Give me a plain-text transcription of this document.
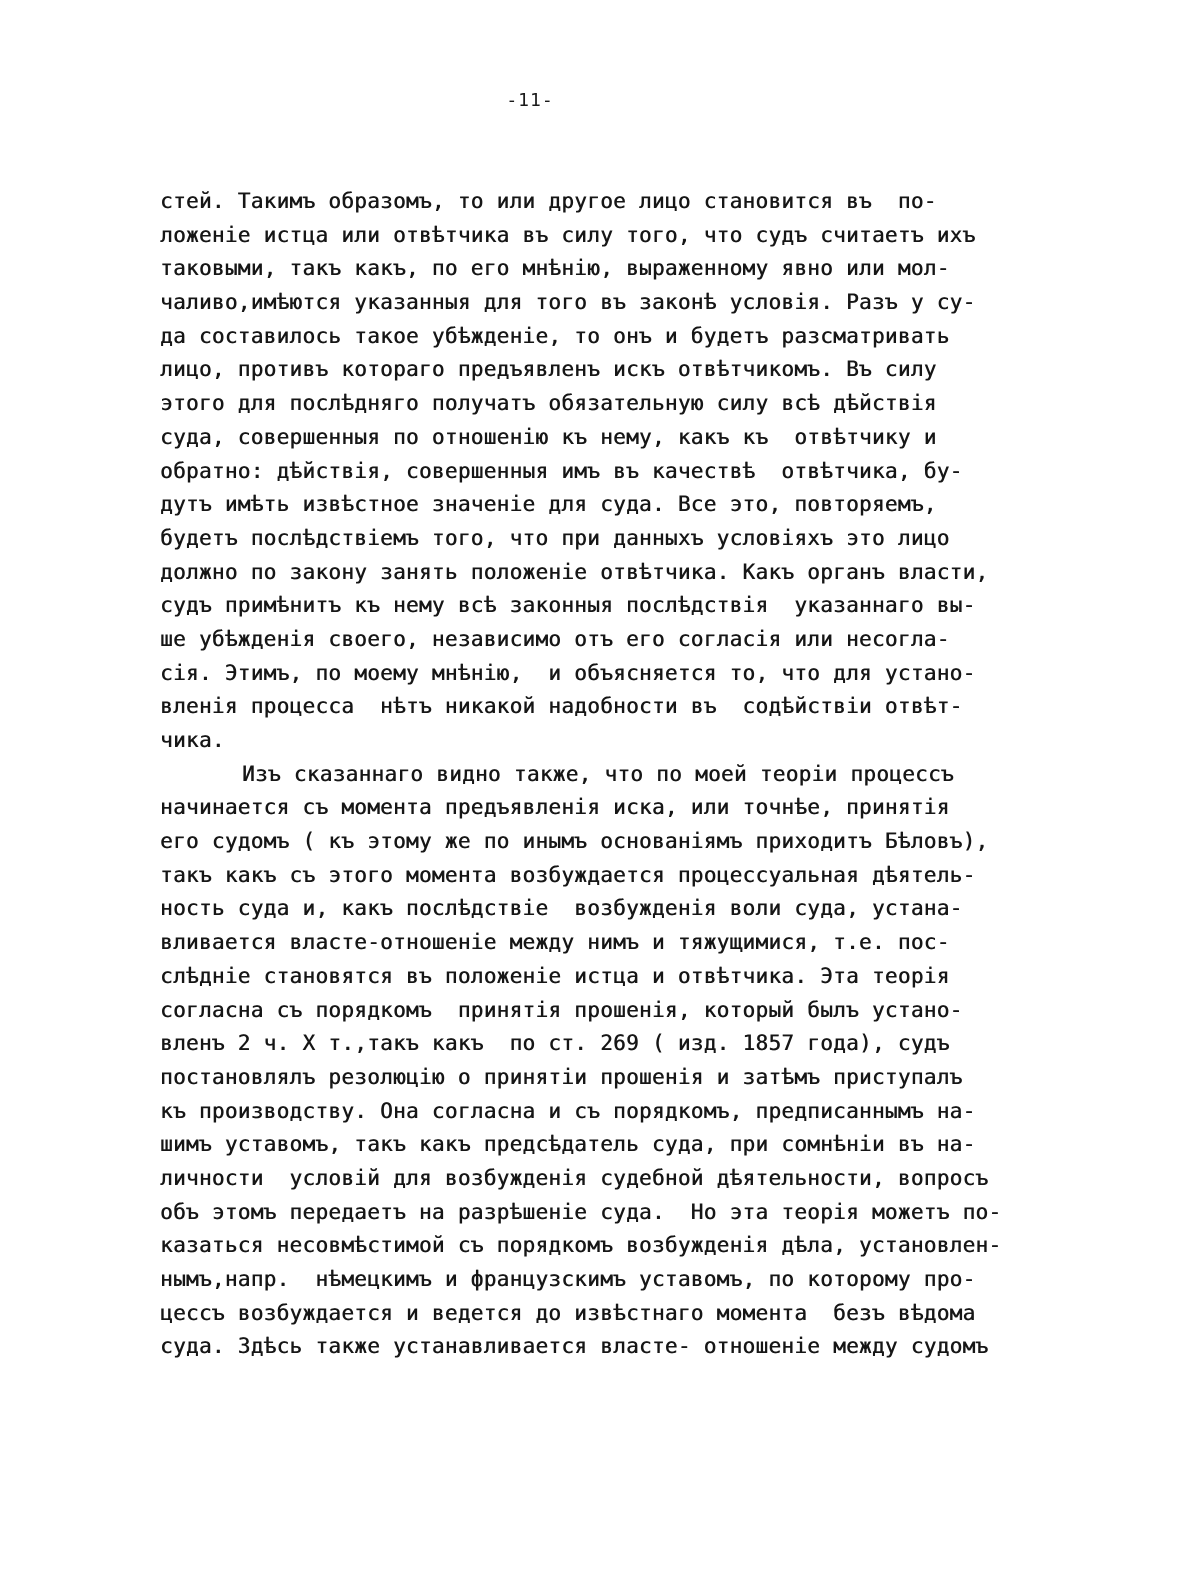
-11-
стей. Такимъ образомъ, то или другое лицо становится въ  по-
ложеніе истца или отвѣтчика въ силу того, что судъ считаетъ ихъ
таковыми, такъ какъ, по его мнѣнію, выраженному явно или мол-
чаливо,имѣются указанныя для того въ законѣ условія. Разъ у су-
да составилось такое убѣжденіе, то онъ и будетъ разсматривать
лицо, противъ котораго предъявленъ искъ отвѣтчикомъ. Въ силу
этого для послѣдняго получатъ обязательную силу всѣ дѣйствія
суда, совершенныя по отношенію къ нему, какъ къ  отвѣтчику и
обратно: дѣйствія, совершенныя имъ въ качествѣ  отвѣтчика, бу-
дутъ имѣть извѣстное значеніе для суда. Все это, повторяемъ,
будетъ послѣдствіемъ того, что при данныхъ условіяхъ это лицо
должно по закону занять положеніе отвѣтчика. Какъ органъ власти,
судъ примѣнитъ къ нему всѣ законныя послѣдствія  указаннаго вы-
ше убѣжденія своего, независимо отъ его согласія или несогла-
сія. Этимъ, по моему мнѣнію,  и объясняется то, что для устано-
вленія процесса  нѣтъ никакой надобности въ  содѣйствіи отвѣт-
чика.
Изъ сказаннаго видно также, что по моей теоріи процессъ
начинается съ момента предъявленія иска, или точнѣе, принятія
его судомъ ( къ этому же по инымъ основаніямъ приходитъ Бѣловъ),
такъ какъ съ этого момента возбуждается процессуальная дѣятель-
ность суда и, какъ послѣдствіе  возбужденія воли суда, устана-
вливается власте-отношеніе между нимъ и тяжущимися, т.е. пос-
слѣдніе становятся въ положеніе истца и отвѣтчика. Эта теорія
согласна съ порядкомъ  принятія прошенія, который былъ устано-
вленъ 2 ч. X т.,такъ какъ  по ст. 269 ( изд. 1857 года), судъ
постановлялъ резолюцію о принятіи прошенія и затѣмъ приступалъ
къ производству. Она согласна и съ порядкомъ, предписаннымъ на-
шимъ уставомъ, такъ какъ предсѣдатель суда, при сомнѣніи въ на-
личности  условій для возбужденія судебной дѣятельности, вопросъ
объ этомъ передаетъ на разрѣшеніе суда.  Но эта теорія можетъ по-
казаться несовмѣстимой съ порядкомъ возбужденія дѣла, установлен-
нымъ,напр.  нѣмецкимъ и французскимъ уставомъ, по которому про-
цессъ возбуждается и ведется до извѣстнаго момента  безъ вѣдома
суда. Здѣсь также устанавливается власте- отношеніе между судомъ
